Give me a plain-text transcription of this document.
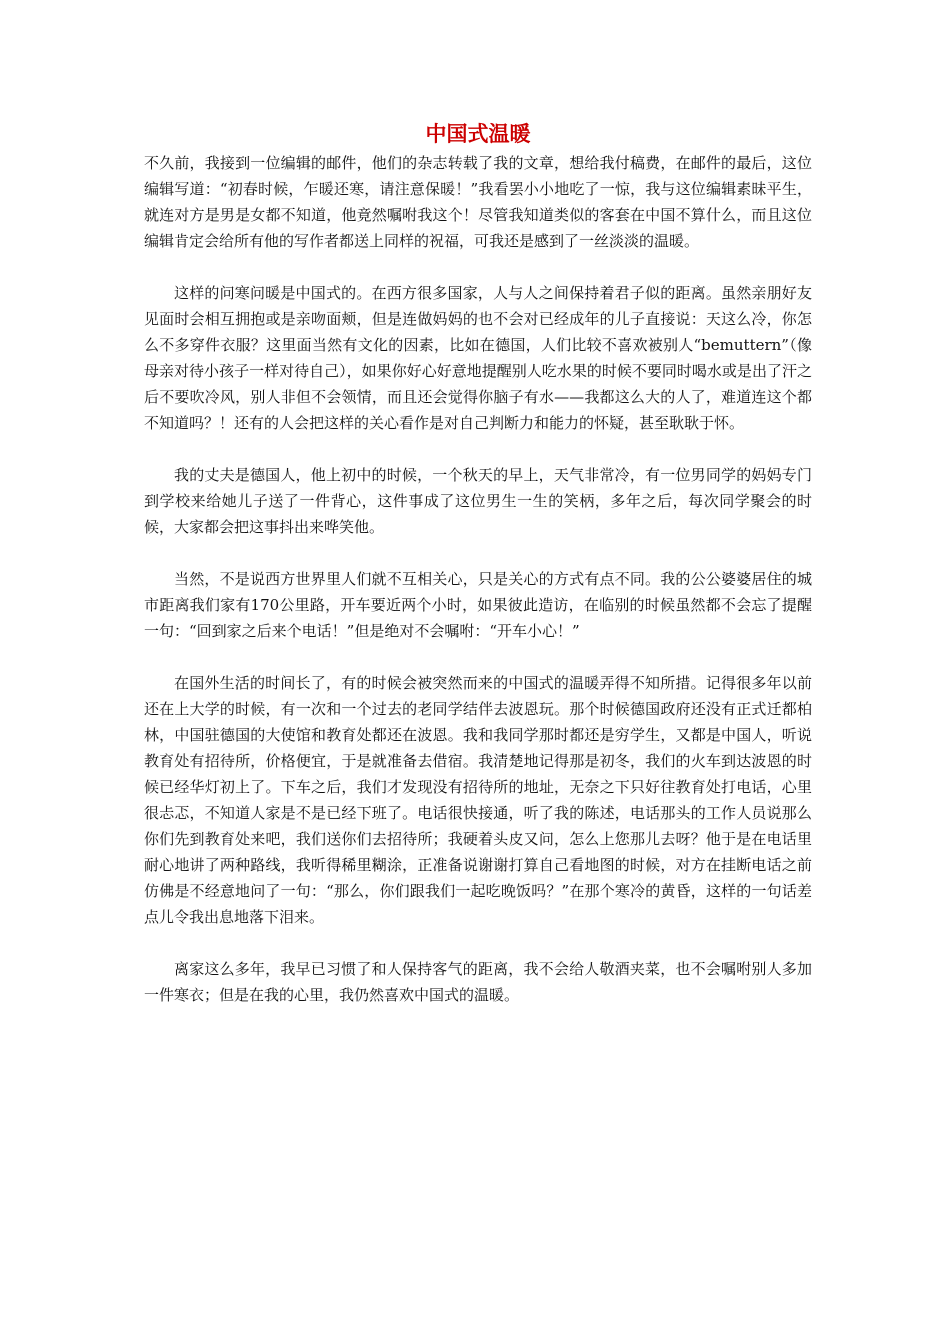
中国式温暖

不久前，我接到一位编辑的邮件，他们的杂志转载了我的文章，想给我付稿费，在邮件的最后，这位编辑写道：“初春时候，乍暖还寒，请注意保暖！”我看罢小小地吃了一惊，我与这位编辑素昧平生，就连对方是男是女都不知道，他竟然嘱咐我这个！尽管我知道类似的客套在中国不算什么，而且这位编辑肯定会给所有他的写作者都送上同样的祝福，可我还是感到了一丝淡淡的温暖。

这样的问寒问暖是中国式的。在西方很多国家，人与人之间保持着君子似的距离。虽然亲朋好友见面时会相互拥抱或是亲吻面颊，但是连做妈妈的也不会对已经成年的儿子直接说：天这么冷，你怎么不多穿件衣服？这里面当然有文化的因素，比如在德国，人们比较不喜欢被别人“bemuttern”（像母亲对待小孩子一样对待自己），如果你好心好意地提醒别人吃水果的时候不要同时喝水或是出了汗之后不要吹冷风，别人非但不会领情，而且还会觉得你脑子有水——我都这么大的人了，难道连这个都不知道吗？！还有的人会把这样的关心看作是对自己判断力和能力的怀疑，甚至耿耿于怀。

我的丈夫是德国人，他上初中的时候，一个秋天的早上，天气非常冷，有一位男同学的妈妈专门到学校来给她儿子送了一件背心，这件事成了这位男生一生的笑柄，多年之后，每次同学聚会的时候，大家都会把这事抖出来哗笑他。

当然，不是说西方世界里人们就不互相关心，只是关心的方式有点不同。我的公公婆婆居住的城市距离我们家有170公里路，开车要近两个小时，如果彼此造访，在临别的时候虽然都不会忘了提醒一句：“回到家之后来个电话！”但是绝对不会嘱咐：“开车小心！”

在国外生活的时间长了，有的时候会被突然而来的中国式的温暖弄得不知所措。记得很多年以前还在上大学的时候，有一次和一个过去的老同学结伴去波恩玩。那个时候德国政府还没有正式迁都柏林，中国驻德国的大使馆和教育处都还在波恩。我和我同学那时都还是穷学生，又都是中国人，听说教育处有招待所，价格便宜，于是就准备去借宿。我清楚地记得那是初冬，我们的火车到达波恩的时候已经华灯初上了。下车之后，我们才发现没有招待所的地址，无奈之下只好往教育处打电话，心里很忐忑，不知道人家是不是已经下班了。电话很快接通，听了我的陈述，电话那头的工作人员说那么你们先到教育处来吧，我们送你们去招待所；我硬着头皮又问，怎么上您那儿去呀？他于是在电话里耐心地讲了两种路线，我听得稀里糊涂，正准备说谢谢打算自己看地图的时候，对方在挂断电话之前仿佛是不经意地问了一句：“那么，你们跟我们一起吃晚饭吗？”在那个寒冷的黄昏，这样的一句话差点儿令我出息地落下泪来。

离家这么多年，我早已习惯了和人保持客气的距离，我不会给人敬酒夹菜，也不会嘱咐别人多加一件寒衣；但是在我的心里，我仍然喜欢中国式的温暖。
